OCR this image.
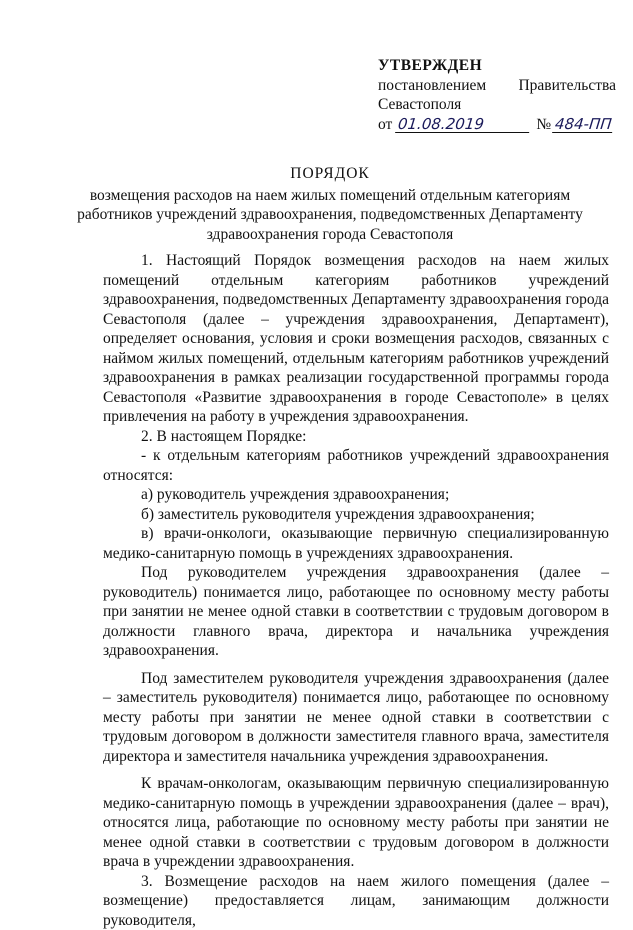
УТВЕРЖДЕН
постановлением Правительства
Севастополя
от 01.08.2019	№ 484-ПП
ПОРЯДОК
возмещения расходов на наем жилых помещений отдельным категориям работников учреждений здравоохранения, подведомственных Департаменту здравоохранения города Севастополя

1. Настоящий Порядок возмещения расходов на наем жилых помещений отдельным категориям работников учреждений здравоохранения, подведомственных Департаменту здравоохранения города Севастополя (далее – учреждения здравоохранения, Департамент), определяет основания, условия и сроки возмещения расходов, связанных с наймом жилых помещений, отдельным категориям работников учреждений здравоохранения в рамках реализации государственной программы города Севастополя «Развитие здравоохранения в городе Севастополе» в целях привлечения на работу в учреждения здравоохранения.

2. В настоящем Порядке:

- к отдельным категориям работников учреждений здравоохранения относятся:

а) руководитель учреждения здравоохранения;

б) заместитель руководителя учреждения здравоохранения;

в) врачи-онкологи, оказывающие первичную специализированную медико-санитарную помощь в учреждениях здравоохранения.

Под руководителем учреждения здравоохранения (далее – руководитель) понимается лицо, работающее по основному месту работы при занятии не менее одной ставки в соответствии с трудовым договором в должности главного врача, директора и начальника учреждения здравоохранения.

Под заместителем руководителя учреждения здравоохранения (далее – заместитель руководителя) понимается лицо, работающее по основному месту работы при занятии не менее одной ставки в соответствии с трудовым договором в должности заместителя главного врача, заместителя директора и заместителя начальника учреждения здравоохранения.

К врачам-онкологам, оказывающим первичную специализированную медико-санитарную помощь в учреждении здравоохранения (далее – врач), относятся лица, работающие по основному месту работы при занятии не менее одной ставки в соответствии с трудовым договором в должности врача в учреждении здравоохранения.

3. Возмещение расходов на наем жилого помещения (далее – возмещение) предоставляется лицам, занимающим должности руководителя,
